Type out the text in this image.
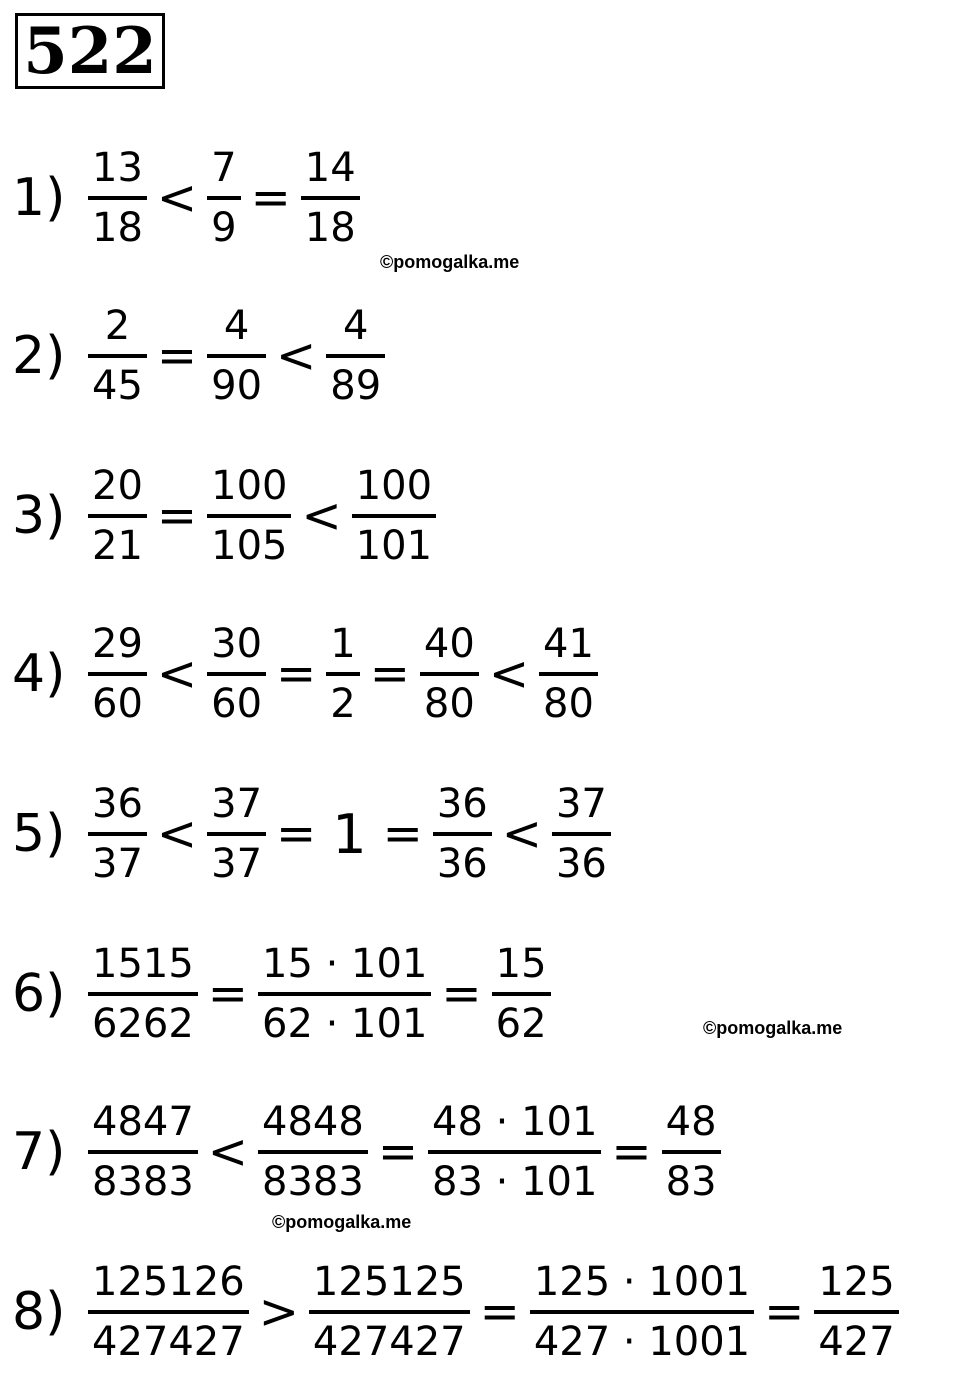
522
$1) \frac{13}{18} < \frac{7}{9} = \frac{14}{18}$
$2) \frac{2}{45} = \frac{4}{90} < \frac{4}{89}$
$3) \frac{20}{21} = \frac{100}{105} < \frac{100}{101}$
$4) \frac{29}{60} < \frac{30}{60} = \frac{1}{2} = \frac{40}{80} < \frac{41}{80}$
$5) \frac{36}{37} < \frac{37}{37} = 1 = \frac{36}{36} < \frac{37}{36}$
$6) \frac{1515}{6262} = \frac{15 \cdot 101}{62 \cdot 101} = \frac{15}{62}$
$7) \frac{4847}{8383} < \frac{4848}{8383} = \frac{48 \cdot 101}{83 \cdot 101} = \frac{48}{83}$
$8) \frac{125126}{427427} > \frac{125125}{427427} = \frac{125 \cdot 1001}{427 \cdot 1001} = \frac{125}{427}$
©pomogalka.me
©pomogalka.me
©pomogalka.me
